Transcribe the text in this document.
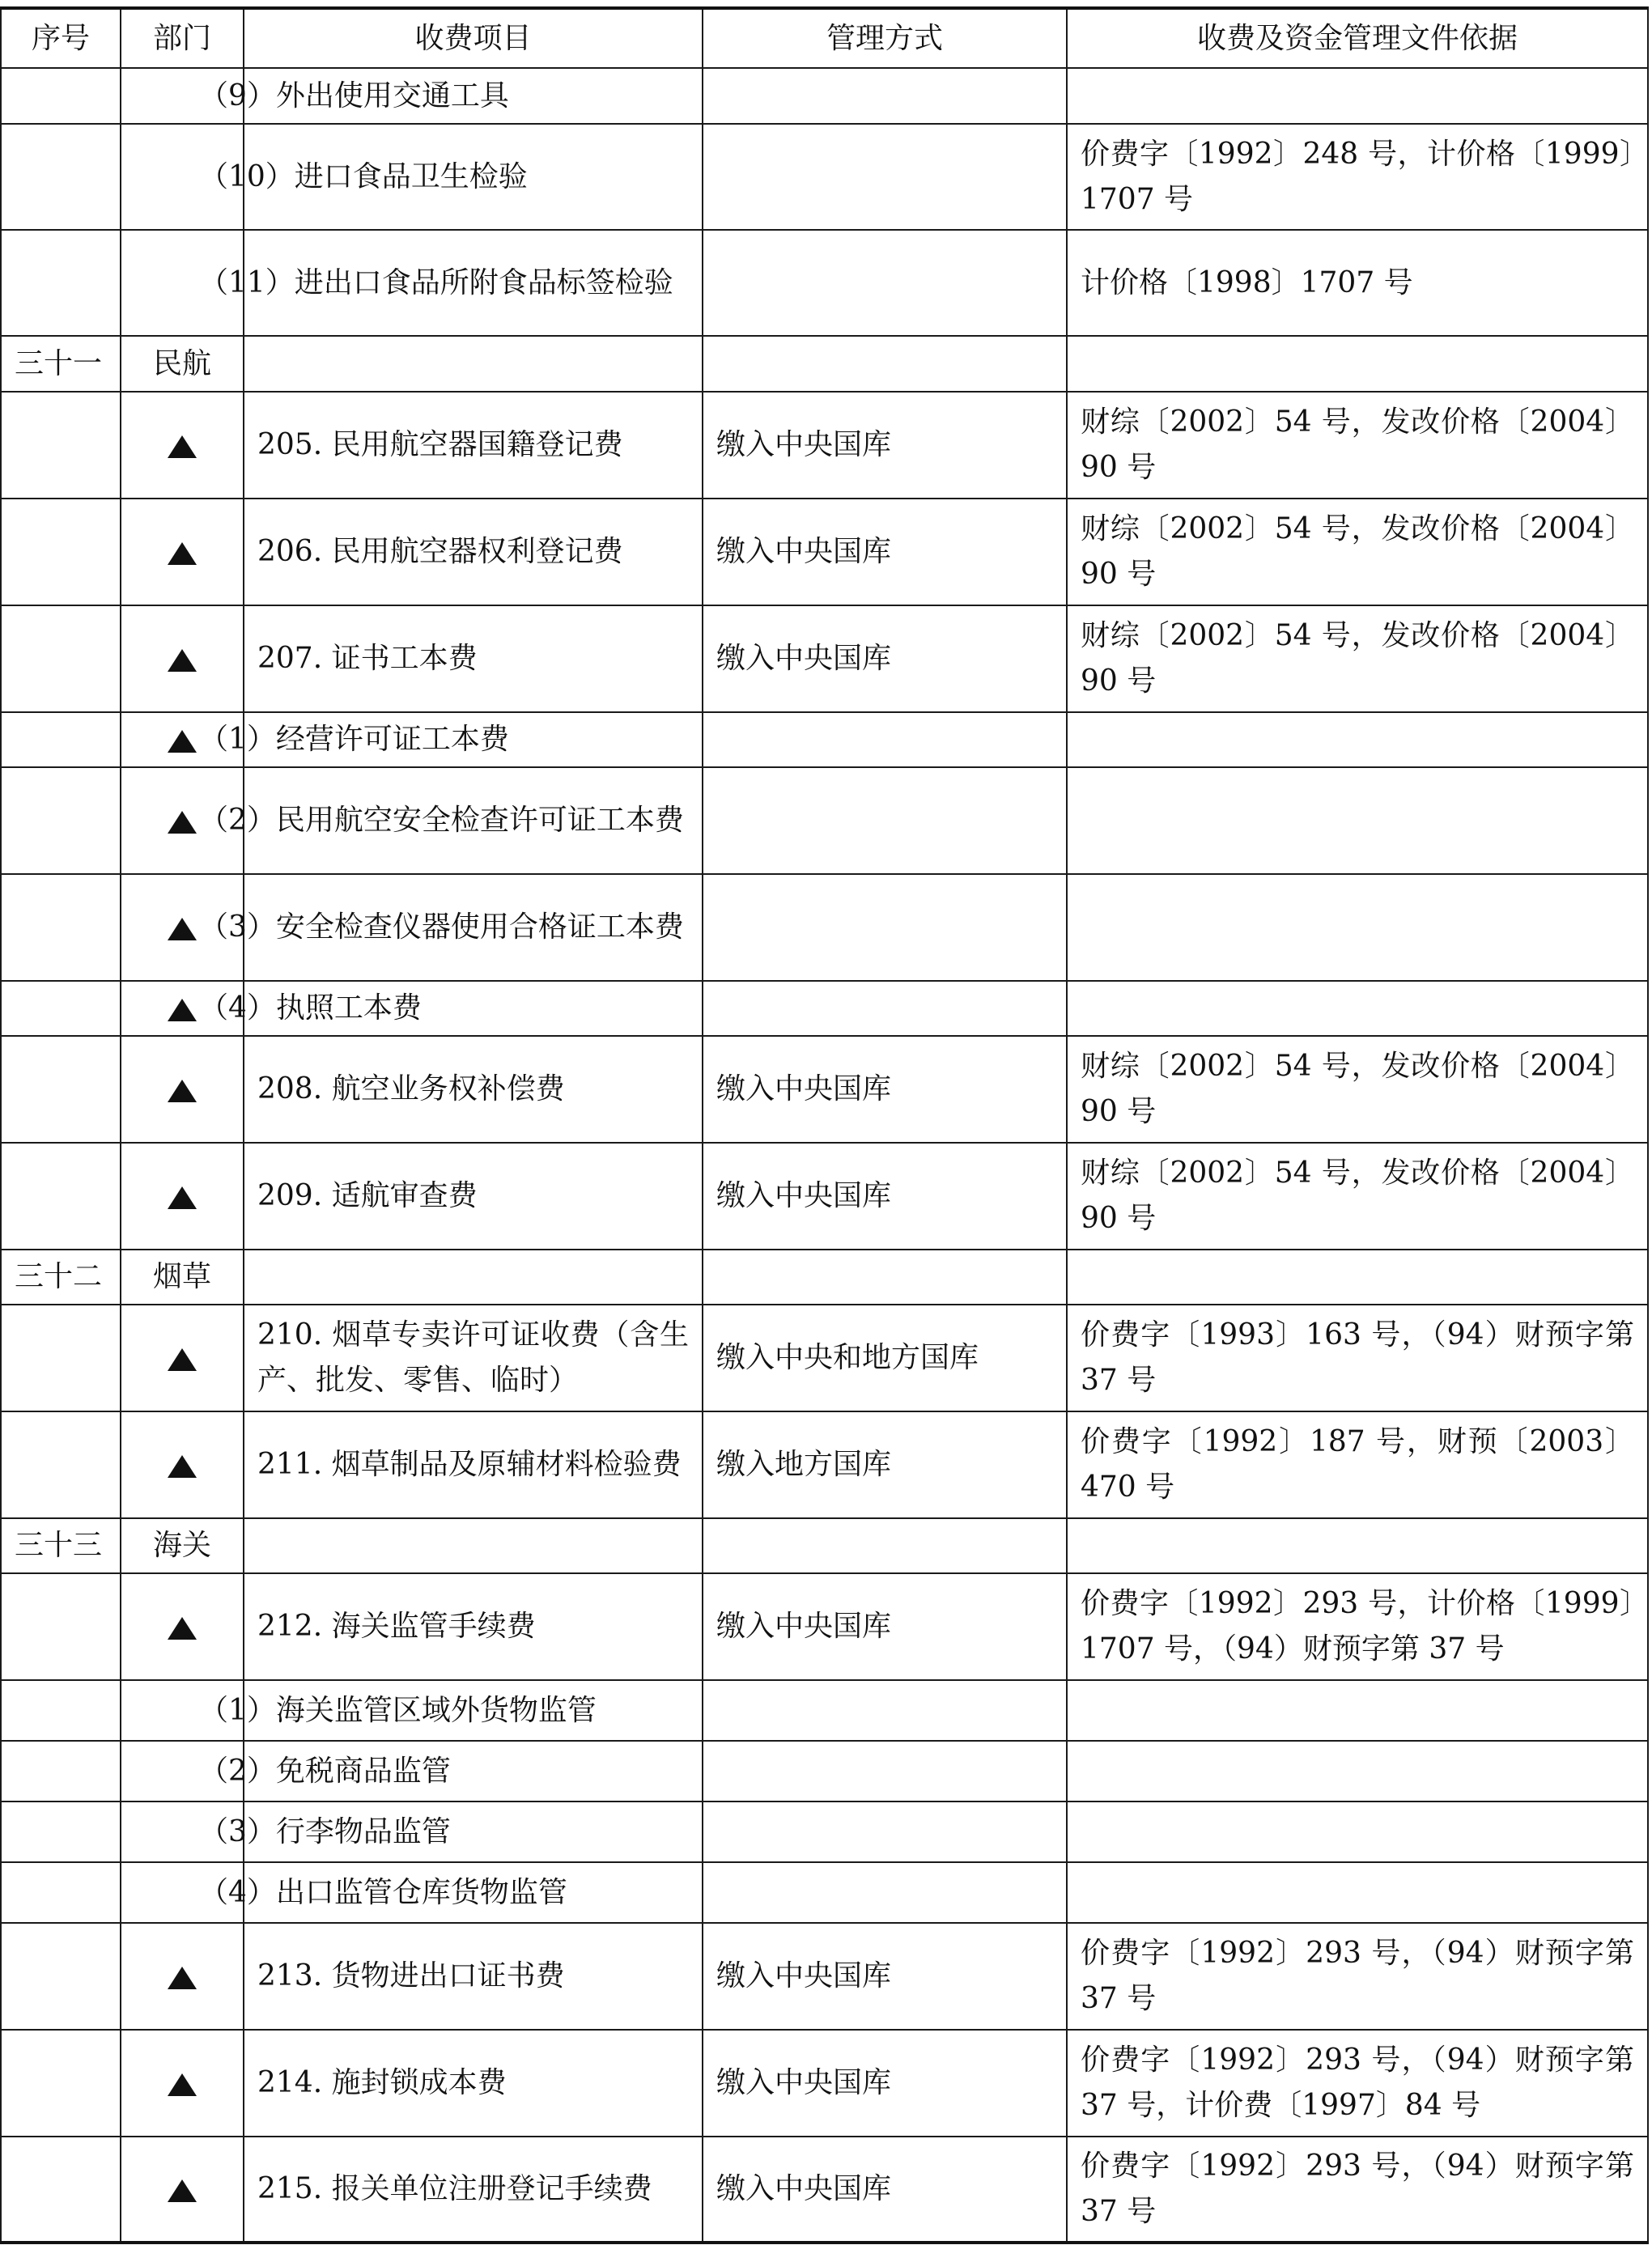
序号	部门	收费项目	管理方式	收费及资金管理文件依据
		（9）外出使用交通工具		
		（10）进口食品卫生检验		价费字〔1992〕248 号，计价格〔1999〕1707 号
		（11）进出口食品所附食品标签检验		计价格〔1998〕1707 号
三十一	民航			
		205. 民用航空器国籍登记费	缴入中央国库	财综〔2002〕54 号，发改价格〔2004〕90 号
		206. 民用航空器权利登记费	缴入中央国库	财综〔2002〕54 号，发改价格〔2004〕90 号
		207. 证书工本费	缴入中央国库	财综〔2002〕54 号，发改价格〔2004〕90 号
		（1）经营许可证工本费		
		（2）民用航空安全检查许可证工本费		
		（3）安全检查仪器使用合格证工本费		
		（4）执照工本费		
		208. 航空业务权补偿费	缴入中央国库	财综〔2002〕54 号，发改价格〔2004〕90 号
		209. 适航审查费	缴入中央国库	财综〔2002〕54 号，发改价格〔2004〕90 号
三十二	烟草			
		210. 烟草专卖许可证收费（含生产、批发、零售、临时）	缴入中央和地方国库	价费字〔1993〕163 号，（94）财预字第 37 号
		211. 烟草制品及原辅材料检验费	缴入地方国库	价费字〔1992〕187 号，财预〔2003〕470 号
三十三	海关			
		212. 海关监管手续费	缴入中央国库	价费字〔1992〕293 号，计价格〔1999〕1707 号，（94）财预字第 37 号
		（1）海关监管区域外货物监管		
		（2）免税商品监管		
		（3）行李物品监管		
		（4）出口监管仓库货物监管		
		213. 货物进出口证书费	缴入中央国库	价费字〔1992〕293 号，（94）财预字第 37 号
		214. 施封锁成本费	缴入中央国库	价费字〔1992〕293 号，（94）财预字第 37 号，计价费〔1997〕84 号
		215. 报关单位注册登记手续费	缴入中央国库	价费字〔1992〕293 号，（94）财预字第 37 号
